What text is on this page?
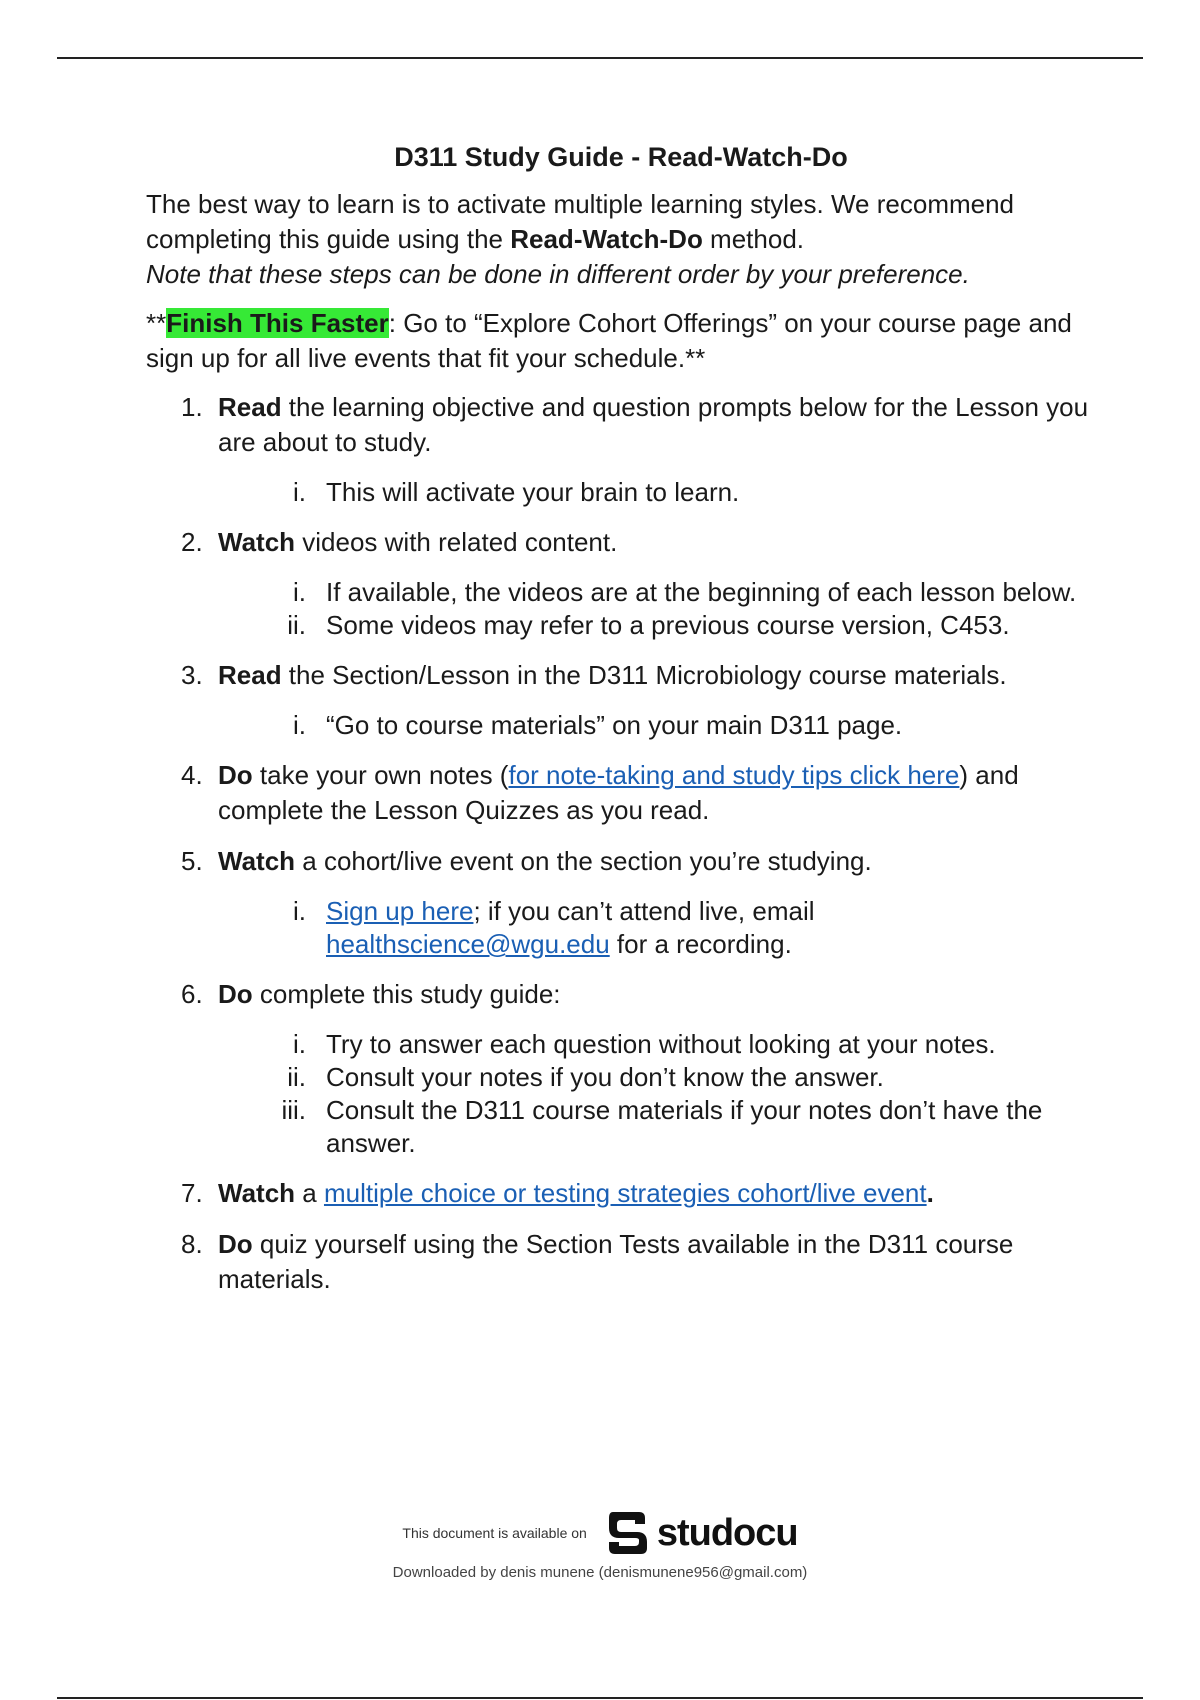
D311 Study Guide - Read-Watch-Do

The best way to learn is to activate multiple learning styles. We recommend completing this guide using the Read-Watch-Do method.
Note that these steps can be done in different order by your preference.
**Finish This Faster: Go to “Explore Cohort Offerings” on your course page and sign up for all live events that fit your schedule.**
1. Read the learning objective and question prompts below for the Lesson you are about to study.
i. This will activate your brain to learn.
2. Watch videos with related content.
i. If available, the videos are at the beginning of each lesson below.
ii. Some videos may refer to a previous course version, C453.
3. Read the Section/Lesson in the D311 Microbiology course materials.
i. “Go to course materials” on your main D311 page.
4. Do take your own notes (for note-taking and study tips click here) and complete the Lesson Quizzes as you read.
5. Watch a cohort/live event on the section you’re studying.
i. Sign up here; if you can’t attend live, email healthscience@wgu.edu for a recording.
6. Do complete this study guide:
i. Try to answer each question without looking at your notes.
ii. Consult your notes if you don’t know the answer.
iii. Consult the D311 course materials if your notes don’t have the answer.
7. Watch a multiple choice or testing strategies cohort/live event.
8. Do quiz yourself using the Section Tests available in the D311 course materials.
This document is available on studocu
Downloaded by denis munene (denismunene956@gmail.com)
